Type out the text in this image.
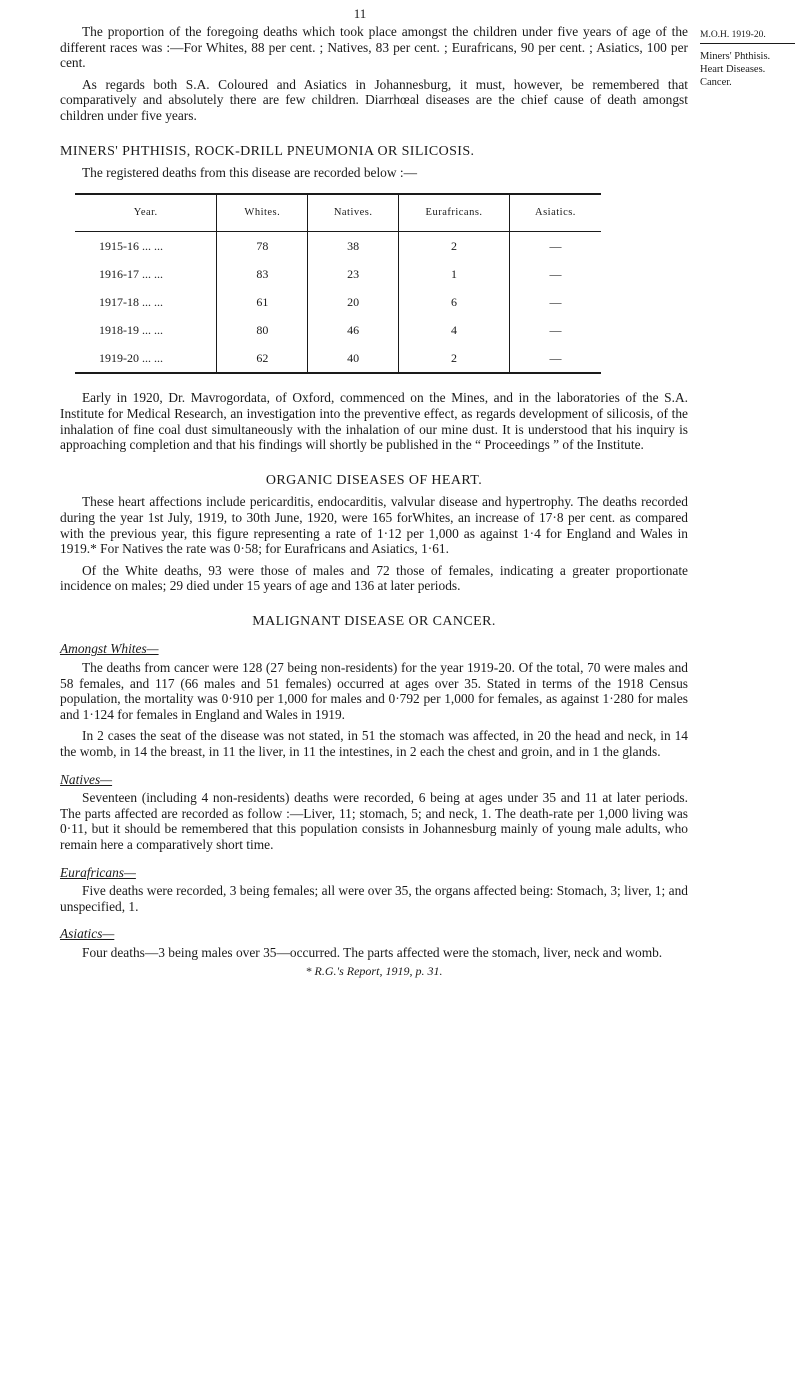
11
M.O.H. 1919-20.
Miners' Phthisis.
Heart Diseases.
Cancer.

The proportion of the foregoing deaths which took place amongst the children under five years of age of the different races was :—For Whites, 88 per cent. ; Natives, 83 per cent. ; Eurafricans, 90 per cent. ; Asiatics, 100 per cent.

As regards both S.A. Coloured and Asiatics in Johannesburg, it must, however, be remembered that comparatively and absolutely there are few children. Diarrhœal diseases are the chief cause of death amongst children under five years.

MINERS' PHTHISIS, ROCK-DRILL PNEUMONIA OR SILICOSIS.

The registered deaths from this disease are recorded below :—

Year.	Whites.	Natives.	Eurafricans.	Asiatics.
1915-16 ... ...	78	38	2	—
1916-17 ... ...	83	23	1	—
1917-18 ... ...	61	20	6	—
1918-19 ... ...	80	46	4	—
1919-20 ... ...	62	40	2	—

Early in 1920, Dr. Mavrogordata, of Oxford, commenced on the Mines, and in the laboratories of the S.A. Institute for Medical Research, an investigation into the preventive effect, as regards development of silicosis, of the inhalation of fine coal dust simultaneously with the inhalation of our mine dust. It is understood that his inquiry is approaching completion and that his findings will shortly be published in the “ Proceedings ” of the Institute.

ORGANIC DISEASES OF HEART.

These heart affections include pericarditis, endocarditis, valvular disease and hypertrophy. The deaths recorded during the year 1st July, 1919, to 30th June, 1920, were 165 forWhites, an increase of 17·8 per cent. as compared with the previous year, this figure representing a rate of 1·12 per 1,000 as against 1·4 for England and Wales in 1919.* For Natives the rate was 0·58; for Eurafricans and Asiatics, 1·61.

Of the White deaths, 93 were those of males and 72 those of females, indicating a greater proportionate incidence on males; 29 died under 15 years of age and 136 at later periods.

MALIGNANT DISEASE OR CANCER.
Amongst Whites—

The deaths from cancer were 128 (27 being non-residents) for the year 1919-20. Of the total, 70 were males and 58 females, and 117 (66 males and 51 females) occurred at ages over 35. Stated in terms of the 1918 Census population, the mortality was 0·910 per 1,000 for males and 0·792 per 1,000 for females, as against 1·280 for males and 1·124 for females in England and Wales in 1919.

In 2 cases the seat of the disease was not stated, in 51 the stomach was affected, in 20 the head and neck, in 14 the womb, in 14 the breast, in 11 the liver, in 11 the intestines, in 2 each the chest and groin, and in 1 the glands.

Natives—

Seventeen (including 4 non-residents) deaths were recorded, 6 being at ages under 35 and 11 at later periods. The parts affected are recorded as follow :—Liver, 11; stomach, 5; and neck, 1. The death-rate per 1,000 living was 0·11, but it should be remembered that this population consists in Johannesburg mainly of young male adults, who remain here a comparatively short time.

Eurafricans—

Five deaths were recorded, 3 being females; all were over 35, the organs affected being: Stomach, 3; liver, 1; and unspecified, 1.

Asiatics—

Four deaths—3 being males over 35—occurred. The parts affected were the stomach, liver, neck and womb.

* R.G.'s Report, 1919, p. 31.
